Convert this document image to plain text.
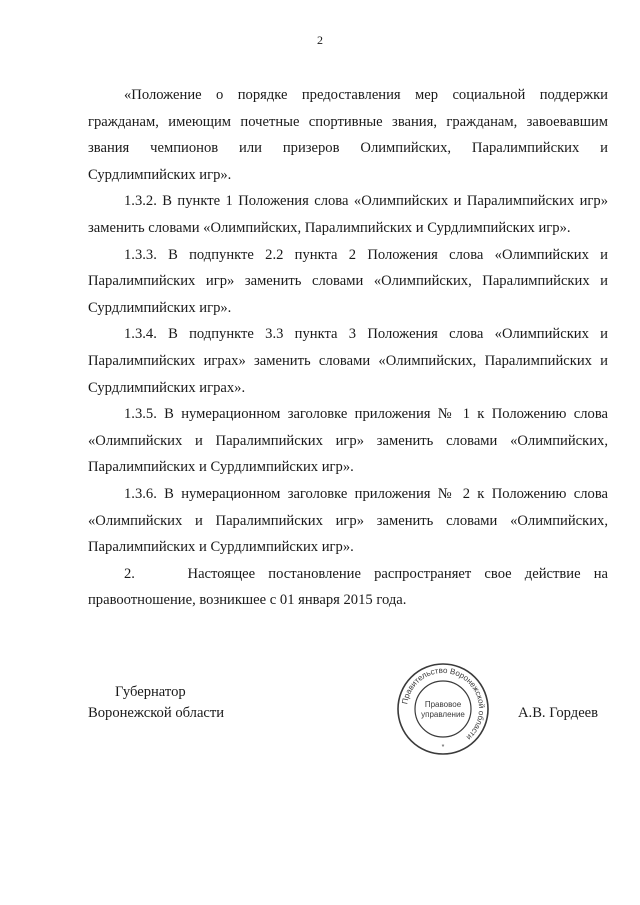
2

«Положение о порядке предоставления мер социальной поддержки гражданам, имеющим почетные спортивные звания, гражданам, завоевавшим звания чемпионов или призеров Олимпийских, Паралимпийских и Сурдлимпийских игр».

1.3.2. В пункте 1 Положения слова «Олимпийских и Паралимпийских игр» заменить словами «Олимпийских, Паралимпийских и Сурдлимпийских игр».

1.3.3. В подпункте 2.2 пункта 2 Положения слова «Олимпийских и Паралимпийских игр» заменить словами «Олимпийских, Паралимпийских и Сурдлимпийских игр».

1.3.4. В подпункте 3.3 пункта 3 Положения слова «Олимпийских и Паралимпийских играх» заменить словами «Олимпийских, Паралимпийских и Сурдлимпийских играх».

1.3.5. В нумерационном заголовке приложения № 1 к Положению слова «Олимпийских и Паралимпийских игр» заменить словами «Олимпийских, Паралимпийских и Сурдлимпийских игр».

1.3.6. В нумерационном заголовке приложения № 2 к Положению слова «Олимпийских и Паралимпийских игр» заменить словами «Олимпийских, Паралимпийских и Сурдлимпийских игр».

2.    Настоящее постановление распространяет свое действие на правоотношение, возникшее с 01 января 2015 года.

Губернатор
Воронежской области
Правительство Воронежской области
Правовое
управление
*
А.В. Гордеев
